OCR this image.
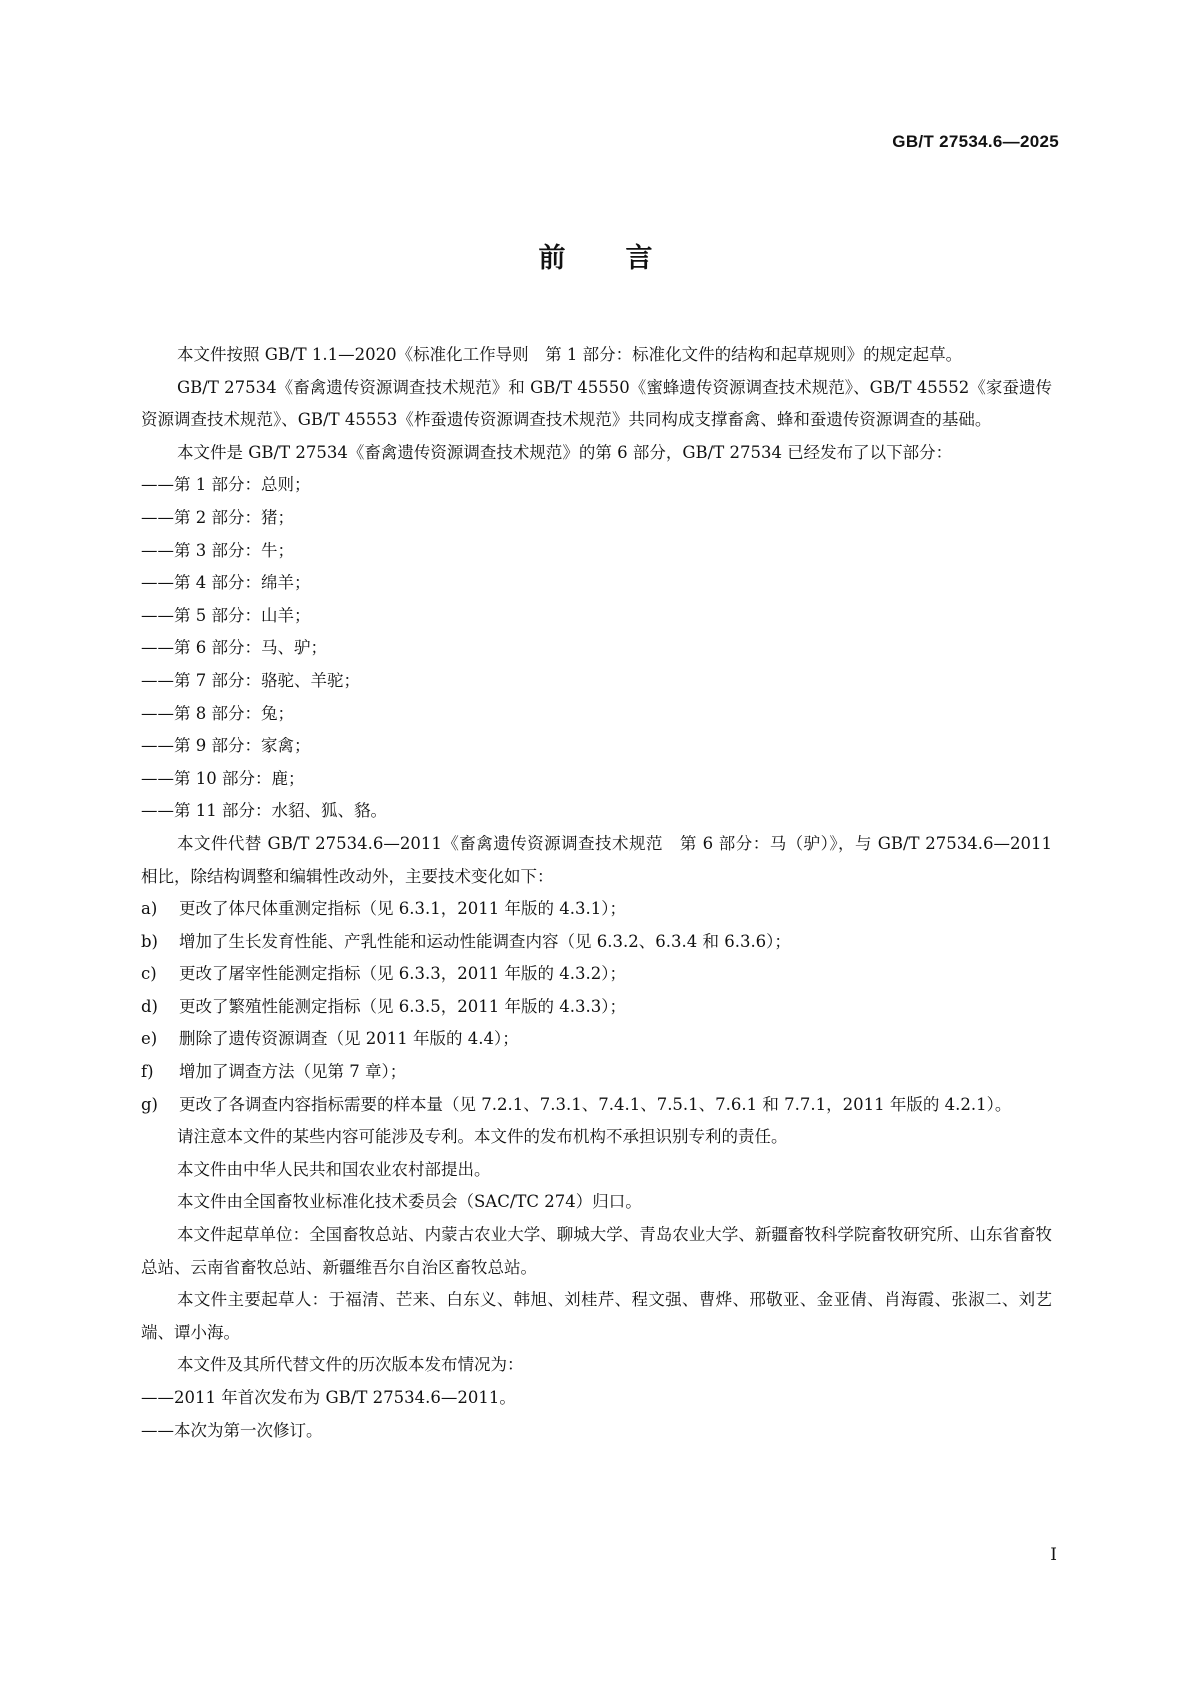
GB/T 27534.6—2025
前言

本文件按照 GB/T 1.1—2020《标准化工作导则　第 1 部分：标准化文件的结构和起草规则》的规定起草。

GB/T 27534《畜禽遗传资源调查技术规范》和 GB/T 45550《蜜蜂遗传资源调查技术规范》、GB/T 45552《家蚕遗传资源调查技术规范》、GB/T 45553《柞蚕遗传资源调查技术规范》共同构成支撑畜禽、蜂和蚕遗传资源调查的基础。

本文件是 GB/T 27534《畜禽遗传资源调查技术规范》的第 6 部分，GB/T 27534 已经发布了以下部分：

——第 1 部分：总则；

——第 2 部分：猪；

——第 3 部分：牛；

——第 4 部分：绵羊；

——第 5 部分：山羊；

——第 6 部分：马、驴；

——第 7 部分：骆驼、羊驼；

——第 8 部分：兔；

——第 9 部分：家禽；

——第 10 部分：鹿；

——第 11 部分：水貂、狐、貉。

本文件代替 GB/T 27534.6—2011《畜禽遗传资源调查技术规范　第 6 部分：马（驴）》，与 GB/T 27534.6—2011 相比，除结构调整和编辑性改动外，主要技术变化如下：

a) 更改了体尺体重测定指标（见 6.3.1，2011 年版的 4.3.1）；

b) 增加了生长发育性能、产乳性能和运动性能调查内容（见 6.3.2、6.3.4 和 6.3.6）；

c) 更改了屠宰性能测定指标（见 6.3.3，2011 年版的 4.3.2）；

d) 更改了繁殖性能测定指标（见 6.3.5，2011 年版的 4.3.3）；

e) 删除了遗传资源调查（见 2011 年版的 4.4）；

f) 增加了调查方法（见第 7 章）；

g) 更改了各调查内容指标需要的样本量（见 7.2.1、7.3.1、7.4.1、7.5.1、7.6.1 和 7.7.1，2011 年版的 4.2.1）。

请注意本文件的某些内容可能涉及专利。本文件的发布机构不承担识别专利的责任。

本文件由中华人民共和国农业农村部提出。

本文件由全国畜牧业标准化技术委员会（SAC/TC 274）归口。

本文件起草单位：全国畜牧总站、内蒙古农业大学、聊城大学、青岛农业大学、新疆畜牧科学院畜牧研究所、山东省畜牧总站、云南省畜牧总站、新疆维吾尔自治区畜牧总站。

本文件主要起草人：于福清、芒来、白东义、韩旭、刘桂芹、程文强、曹烨、邢敬亚、金亚倩、肖海霞、张淑二、刘艺端、谭小海。

本文件及其所代替文件的历次版本发布情况为：

——2011 年首次发布为 GB/T 27534.6—2011。

——本次为第一次修订。

I
